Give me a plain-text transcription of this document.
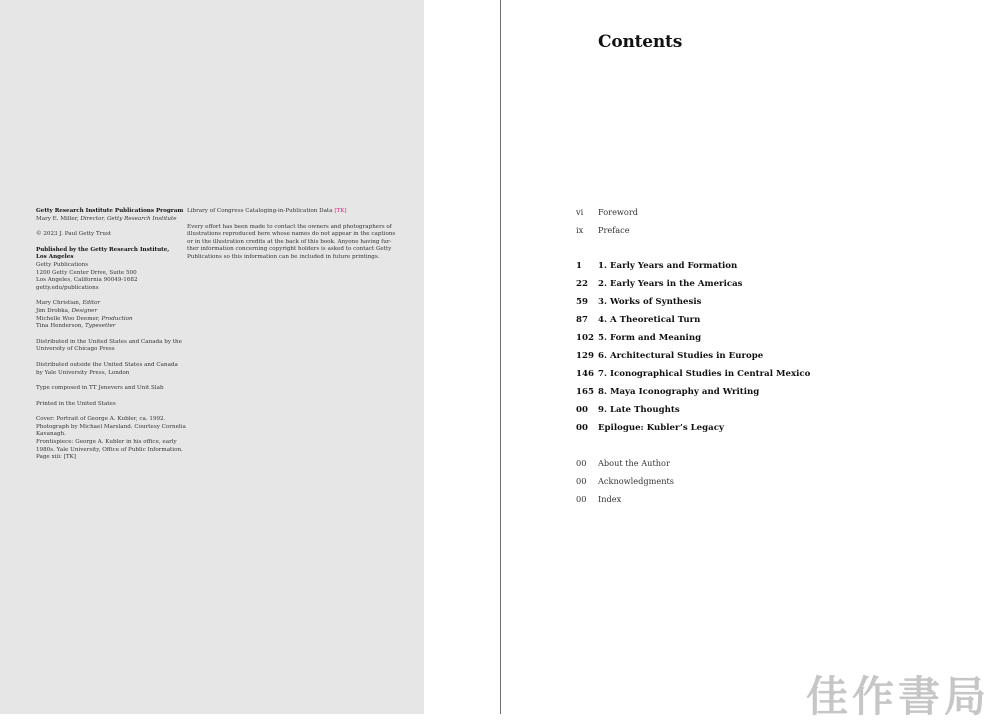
Getty Research Institute Publications Program
Mary E. Miller, Director, Getty Research Institute
© 2023 J. Paul Getty Trust
Published by the Getty Research Institute,
Los Angeles
Getty Publications
1200 Getty Center Drive, Suite 500
Los Angeles, California 90049-1682
getty.edu/publications
Mary Christian, Editor
Jim Drobka, Designer
Michelle Woo Deemer, Production
Tina Henderson, Typesetter
Distributed in the United States and Canada by the
University of Chicago Press
Distributed outside the United States and Canada
by Yale University Press, London
Type composed in TT Jenevers and Unit Slab
Printed in the United States
Cover: Portrait of George A. Kubler, ca. 1992.
Photograph by Michael Marsland. Courtesy Cornelia
Kavanagh.
Frontispiece: George A. Kubler in his office, early
1980s. Yale University, Office of Public Information.
Page xiii: [TK]
Library of Congress Cataloging-in-Publication Data [TK]
Every effort has been made to contact the owners and photographers of
illustrations reproduced here whose names do not appear in the captions
or in the illustration credits at the back of this book. Anyone having fur-
ther information concerning copyright holders is asked to contact Getty
Publications so this information can be included in future printings.
Contents
vi	Foreword
ix	Preface
1	1. Early Years and Formation
22	2. Early Years in the Americas
59	3. Works of Synthesis
87	4. A Theoretical Turn
102 5. Form and Meaning
129 6. Architectural Studies in Europe
146 7. Iconographical Studies in Central Mexico
165 8. Maya Iconography and Writing
00	9. Late Thoughts
00	Epilogue: Kubler’s Legacy
00	About the Author
00	Acknowledgments
00	Index
佳作書局
